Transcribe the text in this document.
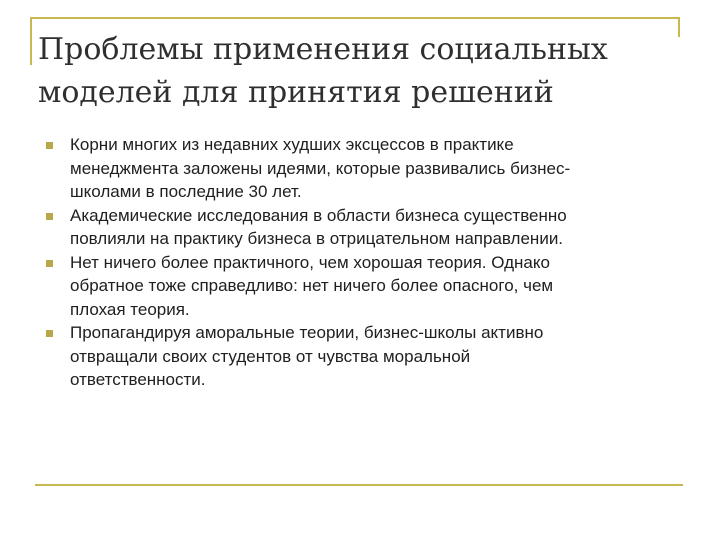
Проблемы применения социальных
моделей для принятия решений
Корни многих из недавних худших эксцессов в практике
менеджмента заложены идеями, которые развивались бизнес-
школами в последние 30 лет.
Академические исследования в области бизнеса существенно
повлияли на практику бизнеса в отрицательном направлении.
Нет ничего более практичного, чем хорошая теория. Однако
обратное тоже справедливо: нет ничего более опасного, чем
плохая теория.
Пропагандируя аморальные теории, бизнес-школы активно
отвращали своих студентов от чувства моральной
ответственности.
